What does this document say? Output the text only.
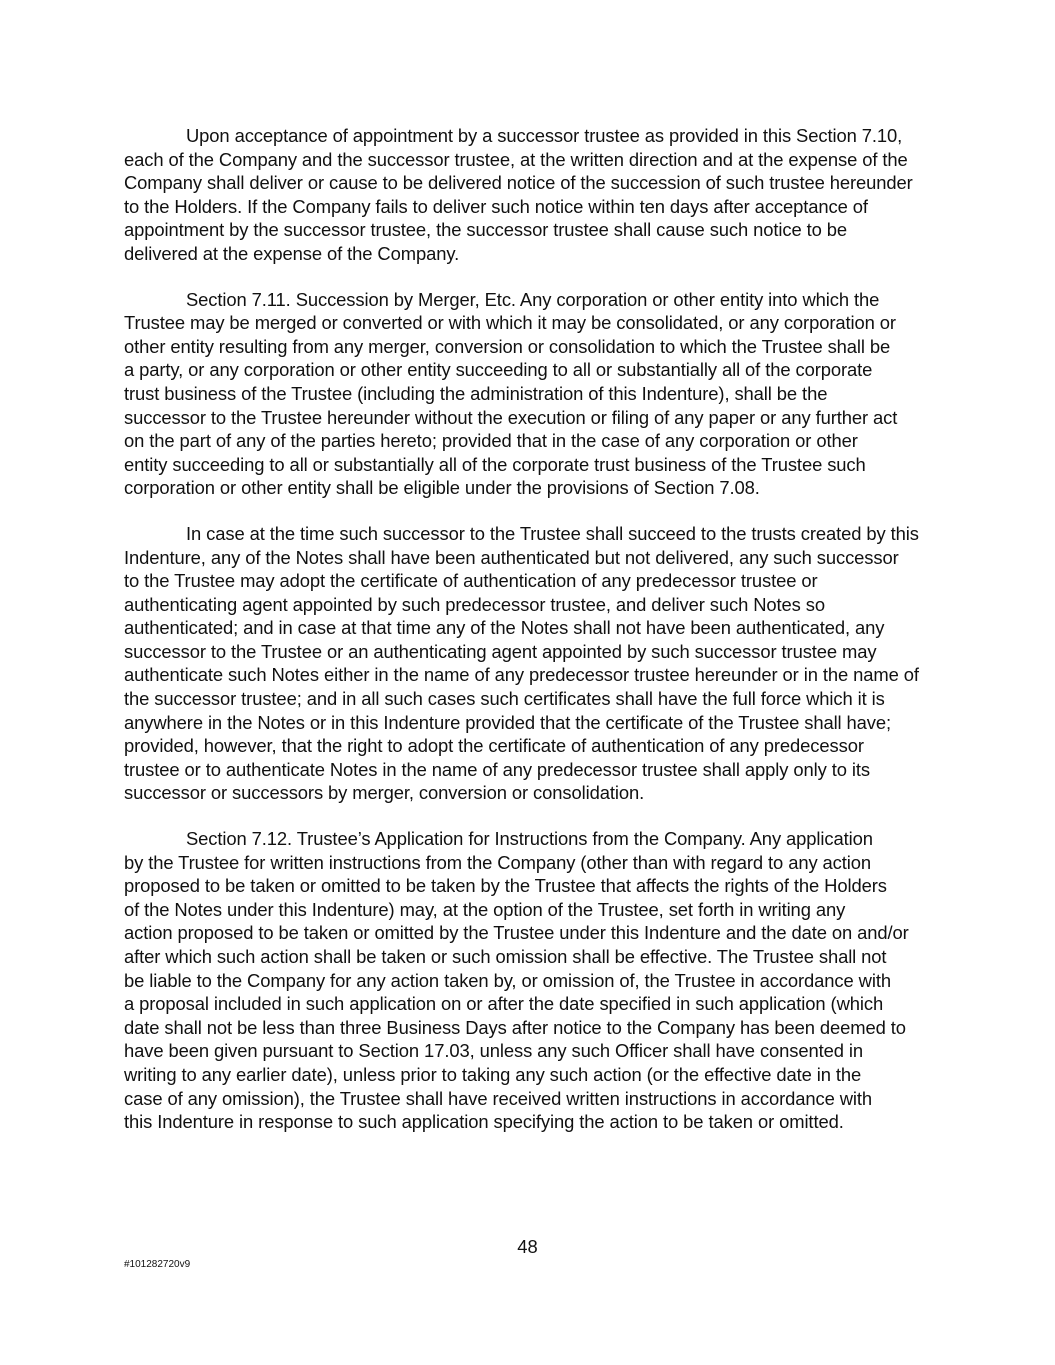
Upon acceptance of appointment by a successor trustee as provided in this Section 7.10,
each of the Company and the successor trustee, at the written direction and at the expense of the
Company shall deliver or cause to be delivered notice of the succession of such trustee hereunder
to the Holders. If the Company fails to deliver such notice within ten days after acceptance of
appointment by the successor trustee, the successor trustee shall cause such notice to be
delivered at the expense of the Company.

Section 7.11. Succession by Merger, Etc. Any corporation or other entity into which the
Trustee may be merged or converted or with which it may be consolidated, or any corporation or
other entity resulting from any merger, conversion or consolidation to which the Trustee shall be
a party, or any corporation or other entity succeeding to all or substantially all of the corporate
trust business of the Trustee (including the administration of this Indenture), shall be the
successor to the Trustee hereunder without the execution or filing of any paper or any further act
on the part of any of the parties hereto; provided that in the case of any corporation or other
entity succeeding to all or substantially all of the corporate trust business of the Trustee such
corporation or other entity shall be eligible under the provisions of Section 7.08.

In case at the time such successor to the Trustee shall succeed to the trusts created by this
Indenture, any of the Notes shall have been authenticated but not delivered, any such successor
to the Trustee may adopt the certificate of authentication of any predecessor trustee or
authenticating agent appointed by such predecessor trustee, and deliver such Notes so
authenticated; and in case at that time any of the Notes shall not have been authenticated, any
successor to the Trustee or an authenticating agent appointed by such successor trustee may
authenticate such Notes either in the name of any predecessor trustee hereunder or in the name of
the successor trustee; and in all such cases such certificates shall have the full force which it is
anywhere in the Notes or in this Indenture provided that the certificate of the Trustee shall have;
provided, however, that the right to adopt the certificate of authentication of any predecessor
trustee or to authenticate Notes in the name of any predecessor trustee shall apply only to its
successor or successors by merger, conversion or consolidation.

Section 7.12. Trustee’s Application for Instructions from the Company. Any application
by the Trustee for written instructions from the Company (other than with regard to any action
proposed to be taken or omitted to be taken by the Trustee that affects the rights of the Holders
of the Notes under this Indenture) may, at the option of the Trustee, set forth in writing any
action proposed to be taken or omitted by the Trustee under this Indenture and the date on and/or
after which such action shall be taken or such omission shall be effective. The Trustee shall not
be liable to the Company for any action taken by, or omission of, the Trustee in accordance with
a proposal included in such application on or after the date specified in such application (which
date shall not be less than three Business Days after notice to the Company has been deemed to
have been given pursuant to Section 17.03, unless any such Officer shall have consented in
writing to any earlier date), unless prior to taking any such action (or the effective date in the
case of any omission), the Trustee shall have received written instructions in accordance with
this Indenture in response to such application specifying the action to be taken or omitted.

48
#101282720v9
